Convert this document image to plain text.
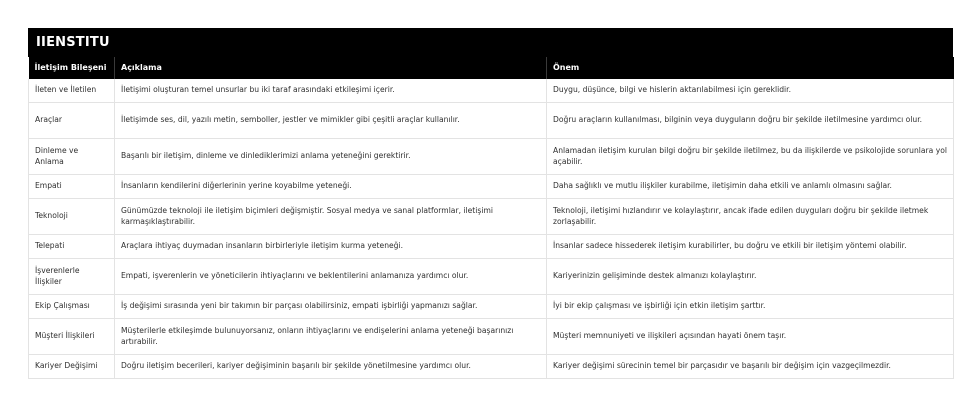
IIENSTITU
İletişim Bileşeni	Açıklama	Önem
İleten ve İletilen	İletişimi oluşturan temel unsurlar bu iki taraf arasındaki etkileşimi içerir.	Duygu, düşünce, bilgi ve hislerin aktarılabilmesi için gereklidir.
Araçlar	İletişimde ses, dil, yazılı metin, semboller, jestler ve mimikler gibi çeşitli araçlar kullanılır.	Doğru araçların kullanılması, bilginin veya duyguların doğru bir şekilde iletilmesine yardımcı olur.
Dinleme ve Anlama	Başarılı bir iletişim, dinleme ve dinlediklerimizi anlama yeteneğini gerektirir.	Anlamadan iletişim kurulan bilgi doğru bir şekilde iletilmez, bu da ilişkilerde ve psikolojide sorunlara yol açabilir.
Empati	İnsanların kendilerini diğerlerinin yerine koyabilme yeteneği.	Daha sağlıklı ve mutlu ilişkiler kurabilme, iletişimin daha etkili ve anlamlı olmasını sağlar.
Teknoloji	Günümüzde teknoloji ile iletişim biçimleri değişmiştir. Sosyal medya ve sanal platformlar, iletişimi karmaşıklaştırabilir.	Teknoloji, iletişimi hızlandırır ve kolaylaştırır, ancak ifade edilen duyguları doğru bir şekilde iletmek zorlaşabilir.
Telepati	Araçlara ihtiyaç duymadan insanların birbirleriyle iletişim kurma yeteneği.	İnsanlar sadece hissederek iletişim kurabilirler, bu doğru ve etkili bir iletişim yöntemi olabilir.
İşverenlerle İlişkiler	Empati, işverenlerin ve yöneticilerin ihtiyaçlarını ve beklentilerini anlamanıza yardımcı olur.	Kariyerinizin gelişiminde destek almanızı kolaylaştırır.
Ekip Çalışması	İş değişimi sırasında yeni bir takımın bir parçası olabilirsiniz, empati işbirliği yapmanızı sağlar.	İyi bir ekip çalışması ve işbirliği için etkin iletişim şarttır.
Müşteri İlişkileri	Müşterilerle etkileşimde bulunuyorsanız, onların ihtiyaçlarını ve endişelerini anlama yeteneği başarınızı artırabilir.	Müşteri memnuniyeti ve ilişkileri açısından hayati önem taşır.
Kariyer Değişimi	Doğru iletişim becerileri, kariyer değişiminin başarılı bir şekilde yönetilmesine yardımcı olur.	Kariyer değişimi sürecinin temel bir parçasıdır ve başarılı bir değişim için vazgeçilmezdir.
